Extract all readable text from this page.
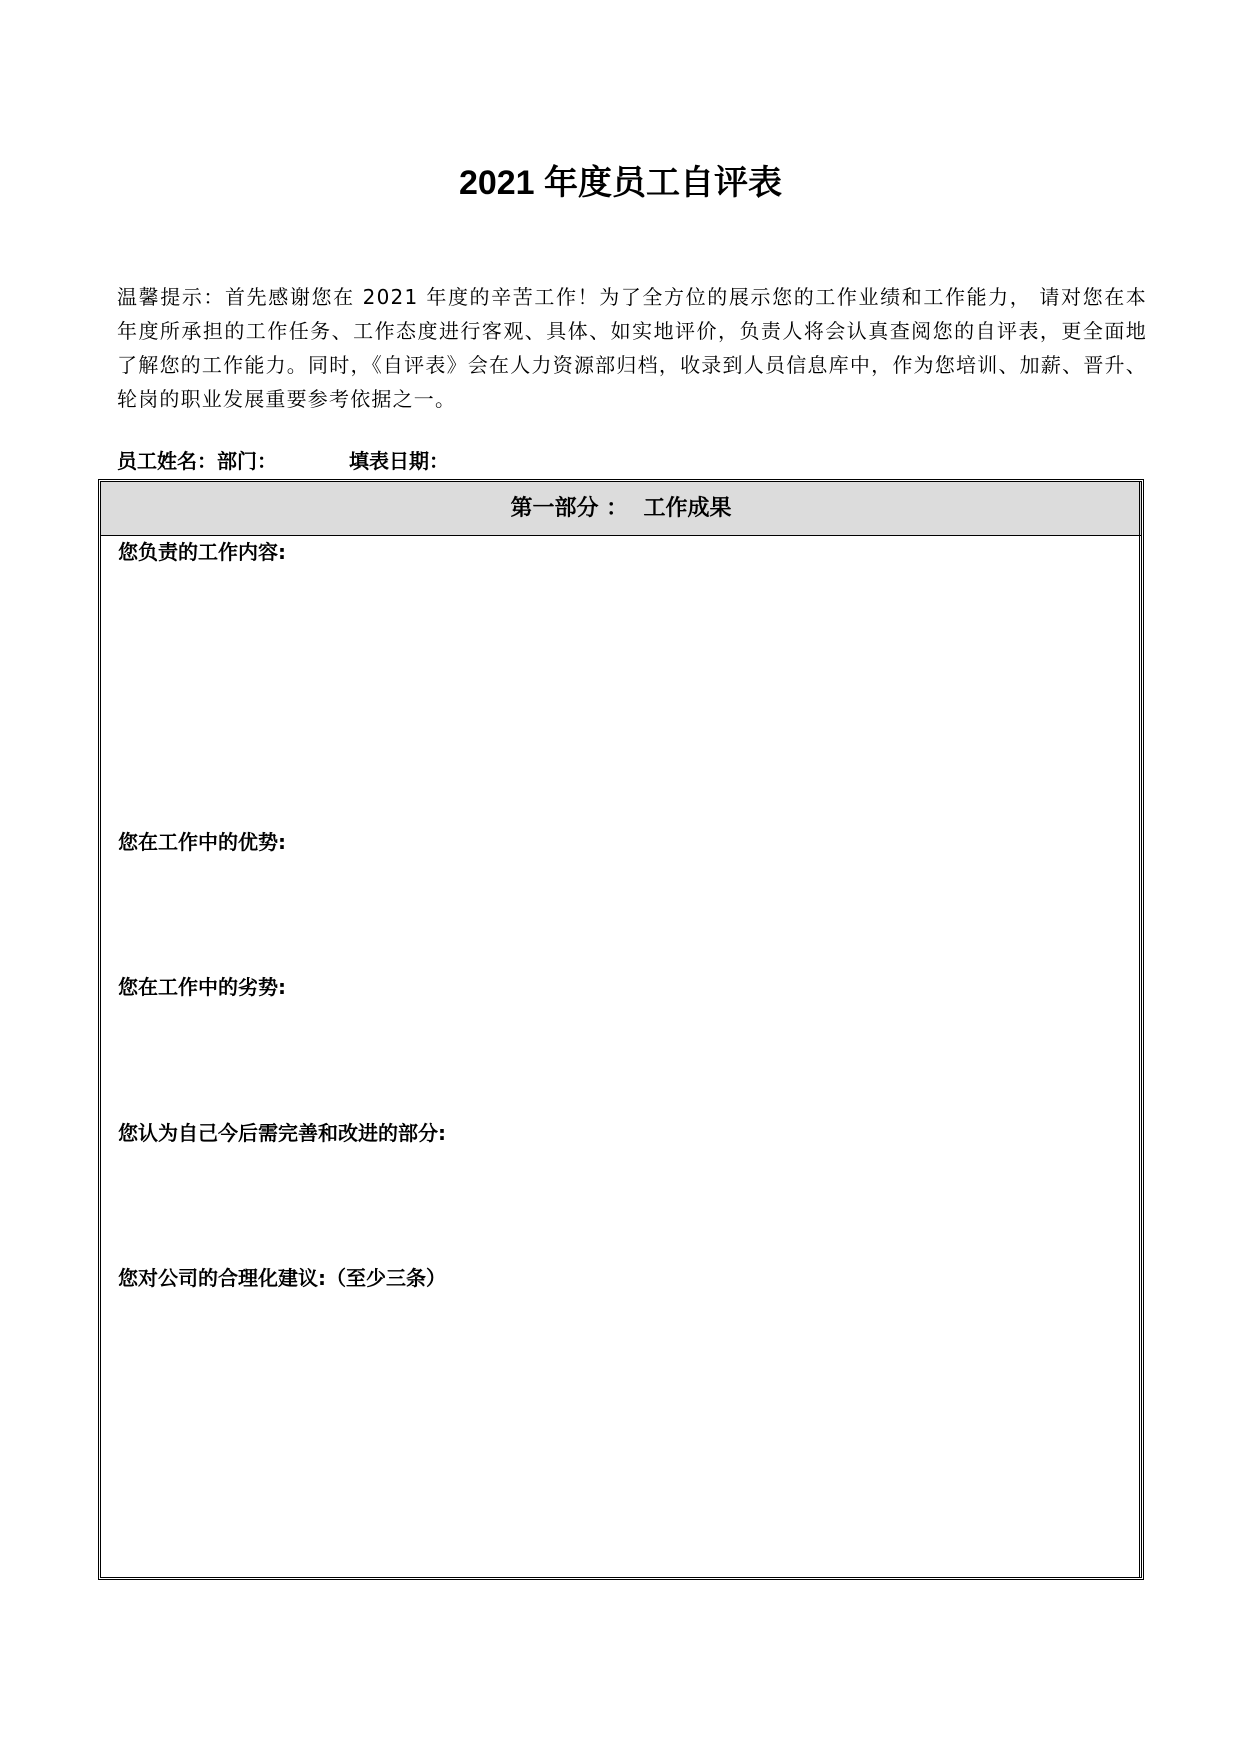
2021 年度员工自评表

温馨提示：首先感谢您在 2021 年度的辛苦工作！为了全方位的展示您的工作业绩和工作能力， 请对您在本年度所承担的工作任务、工作态度进行客观、具体、如实地评价，负责人将会认真查阅您的自评表，更全面地了解您的工作能力。同时，《自评表》会在人力资源部归档，收录到人员信息库中，作为您培训、加薪、晋升、轮岗的职业发展重要参考依据之一。

员工姓名：部门：	填表日期：
第一部分 ：  工作成果
您负责的工作内容:
您在工作中的优势:
您在工作中的劣势:
您认为自己今后需完善和改进的部分:
您对公司的合理化建议:（至少三条）
